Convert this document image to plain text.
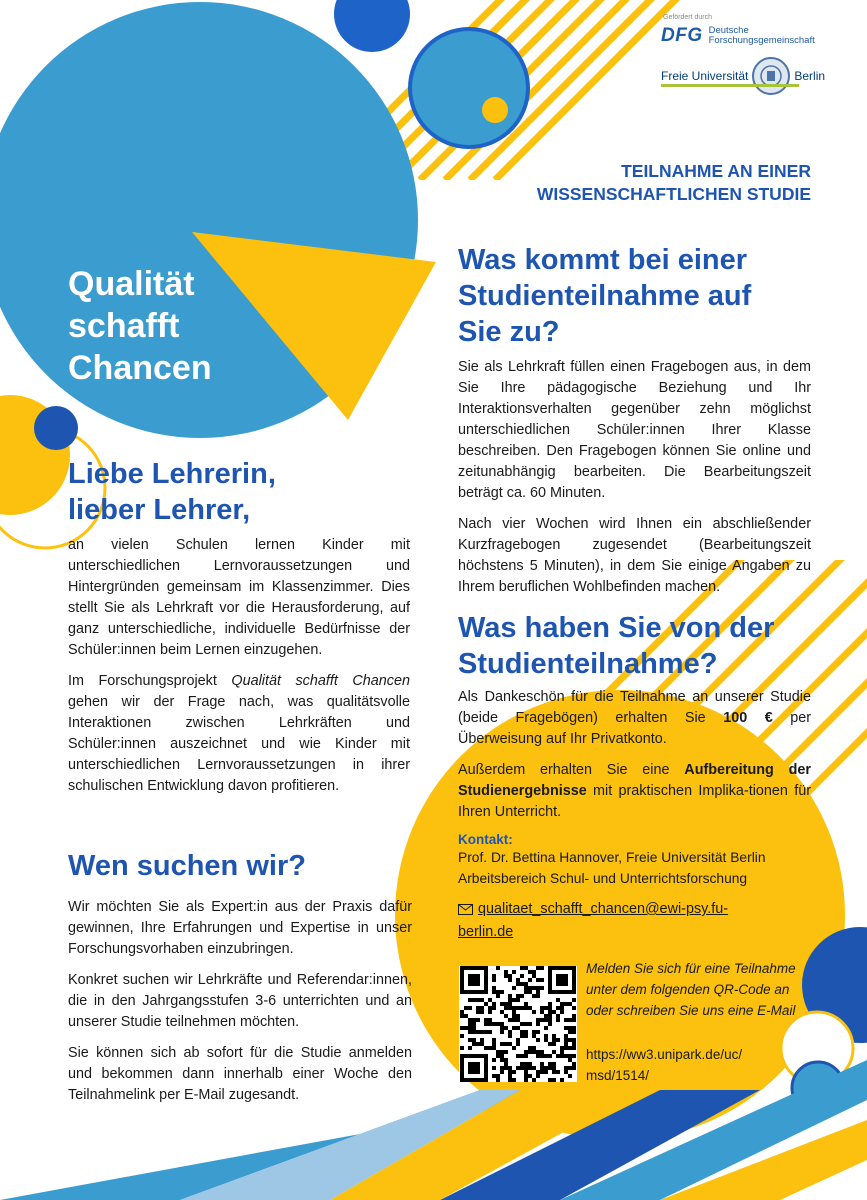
Gefördert durch
DFG Deutsche Forschungsgemeinschaft
Freie Universität	Berlin
TEILNAHME AN EINER
WISSENSCHAFTLICHEN STUDIE
Qualität
schafft
Chancen
Liebe Lehrerin,
lieber Lehrer,

an vielen Schulen lernen Kinder mit unterschiedlichen Lernvoraussetzungen und Hintergründen gemeinsam im Klassenzimmer. Dies stellt Sie als Lehrkraft vor die Herausforderung, auf ganz unterschiedliche, individuelle Bedürfnisse der Schüler:innen beim Lernen einzugehen.

Im Forschungsprojekt Qualität schafft Chancen gehen wir der Frage nach, was qualitätsvolle Interaktionen zwischen Lehrkräften und Schüler:innen auszeichnet und wie Kinder mit unterschiedlichen Lernvoraussetzungen in ihrer schulischen Entwicklung davon profitieren.

Wen suchen wir?

Wir möchten Sie als Expert:in aus der Praxis dafür gewinnen, Ihre Erfahrungen und Expertise in unser Forschungsvorhaben einzubringen.

Konkret suchen wir Lehrkräfte und Referendar:innen, die in den Jahrgangsstufen 3-6 unterrichten und an unserer Studie teilnehmen möchten.

Sie können sich ab sofort für die Studie anmelden und bekommen dann innerhalb einer Woche den Teilnahmelink per E-Mail zugesandt.

Was kommt bei einer
Studienteilnahme auf
Sie zu?

Sie als Lehrkraft füllen einen Fragebogen aus, in dem Sie Ihre pädagogische Beziehung und Ihr Interaktionsverhalten gegenüber zehn möglichst unterschiedlichen Schüler:innen Ihrer Klasse beschreiben. Den Fragebogen können Sie online und zeitunabhängig bearbeiten. Die Bearbeitungszeit beträgt ca. 60 Minuten.

Nach vier Wochen wird Ihnen ein abschließender Kurzfragebogen zugesendet (Bearbeitungszeit höchstens 5 Minuten), in dem Sie einige Angaben zu Ihrem beruflichen Wohlbefinden machen.

Was haben Sie von der
Studienteilnahme?

Als Dankeschön für die Teilnahme an unserer Studie (beide Fragebögen) erhalten Sie 100 € per Überweisung auf Ihr Privatkonto.

Außerdem erhalten Sie eine Aufbereitung der Studienergebnisse mit praktischen Implika-tionen für Ihren Unterricht.

Kontakt:
Prof. Dr. Bettina Hannover, Freie Universität Berlin
Arbeitsbereich Schul- und Unterrichtsforschung
qualitaet_schafft_chancen@ewi-psy.fu-
berlin.de
Melden Sie sich für eine Teilnahme unter dem folgenden QR-Code an oder schreiben Sie uns eine E-Mail
https://ww3.unipark.de/uc/
msd/1514/
